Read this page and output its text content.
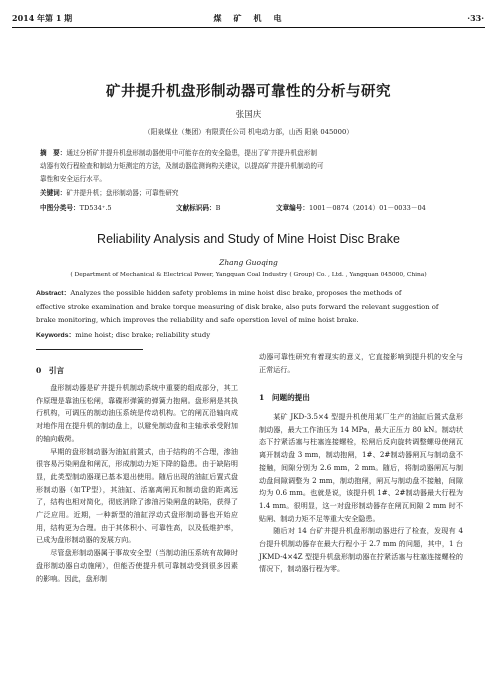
2014 年第 1 期	煤　矿　机　电	·33·
矿井提升机盘形制动器可靠性的分析与研究
张国庆
（阳泉煤业（集团）有限责任公司 机电动力部，山西 阳泉 045000）
摘　要：通过分析矿井提升机盘形制动器使用中可能存在的安全隐患，提出了矿井提升机盘形制
动器有效行程检查和制动力矩测定的方法，及制动器监测询构关建议，以提高矿井提升机制动的可
靠性和安全运行水平。
关键词：矿井提升机；盘形制动器；可靠性研究
中图分类号：TD534⁺.5	文献标识码：B	文章编号：1001－0874（2014）01－0033－04
Reliability Analysis and Study of Mine Hoist Disc Brake
Zhang Guoqing
( Department of Mechanical & Electrical Power, Yangquan Coal Industry ( Group) Co. , Ltd. , Yangquan 045000, China)
Abstract：Analyzes the possible hidden safety problems in mine hoist disc brake, proposes the methods of
effective stroke examination and brake torque measuring of disk brake, also puts forward the relevant suggestion of
brake monitoring, which improves the reliability and safe operstion level of mine hoist brake.
Keywords：mine hoist; disc brake; reliability study
0　引言

盘形制动器是矿井提升机制动系统中重要的组成部分，其工作原理是靠油压松闸，靠碟形弹簧的弹簧力抱闸。盘形闸是其执行机构，可调压的制动油压系统是传动机构。它的闸瓦沿轴向成对地作用在提升机的制动盘上，以避免制动盘和主轴承承受附加的轴向载荷。

早期的盘形制动器为油缸前置式，由于结构的不合理，渗油很容易污染闸盘和闸瓦，形成制动力矩下降的隐患。由于缺陷明显，此类型制动器现已基本退出使用。随后出现的油缸后置式盘形制动器（如TP型），其油缸、活塞离闸瓦和制动盘的距离远了，结构也相对简化，彻底消除了渗油污染闸盘的缺陷，获得了广泛应用。近期，一种新型的油缸浮动式盘形制动器也开始应用，结构更为合理。由于其体积小、可靠性高，以及低维护率，已成为盘形制动器的发展方向。

尽管盘形制动器属于事故安全型（当制动油压系统有故障时盘形制动器自动施闸），但能否使提升机可靠制动受到很多因素的影响。因此，盘形制

动器可靠性研究有着现实的意义，它直接影响到提升机的安全与正常运行。

1　问题的提出

某矿 JKD-3.5×4 型提升机使用某厂生产的油缸后置式盘形制动器，最大工作油压为 14 MPa，最大正压力 80 kN。制动状态下拧紧活塞与柱塞连接螺栓，松闸后反向旋转调整螺母使闸瓦离开制动盘 3 mm，制动抱闸，1#、2#制动器闸瓦与制动盘不接触，间隙分别为 2.6 mm，2 mm。随后，将制动器闸瓦与制动盘间隙调整为 2 mm，制动抱闸，闸瓦与制动盘不接触，间隙均为 0.6 mm。也就是说，该提升机 1#、2#制动器最大行程为 1.4 mm。很明显，这一对盘形制动器存在闸瓦间隙 2 mm 时不贴闸、制动力矩不足等重大安全隐患。

随后对 14 台矿井提升机盘形制动器进行了检查，发现有 4 台提升机制动器存在最大行程小于 2.7 mm 的问题，其中，1 台 JKMD-4×4Z 型提升机盘形制动器在拧紧活塞与柱塞连接螺栓的情况下，制动器行程为零。
